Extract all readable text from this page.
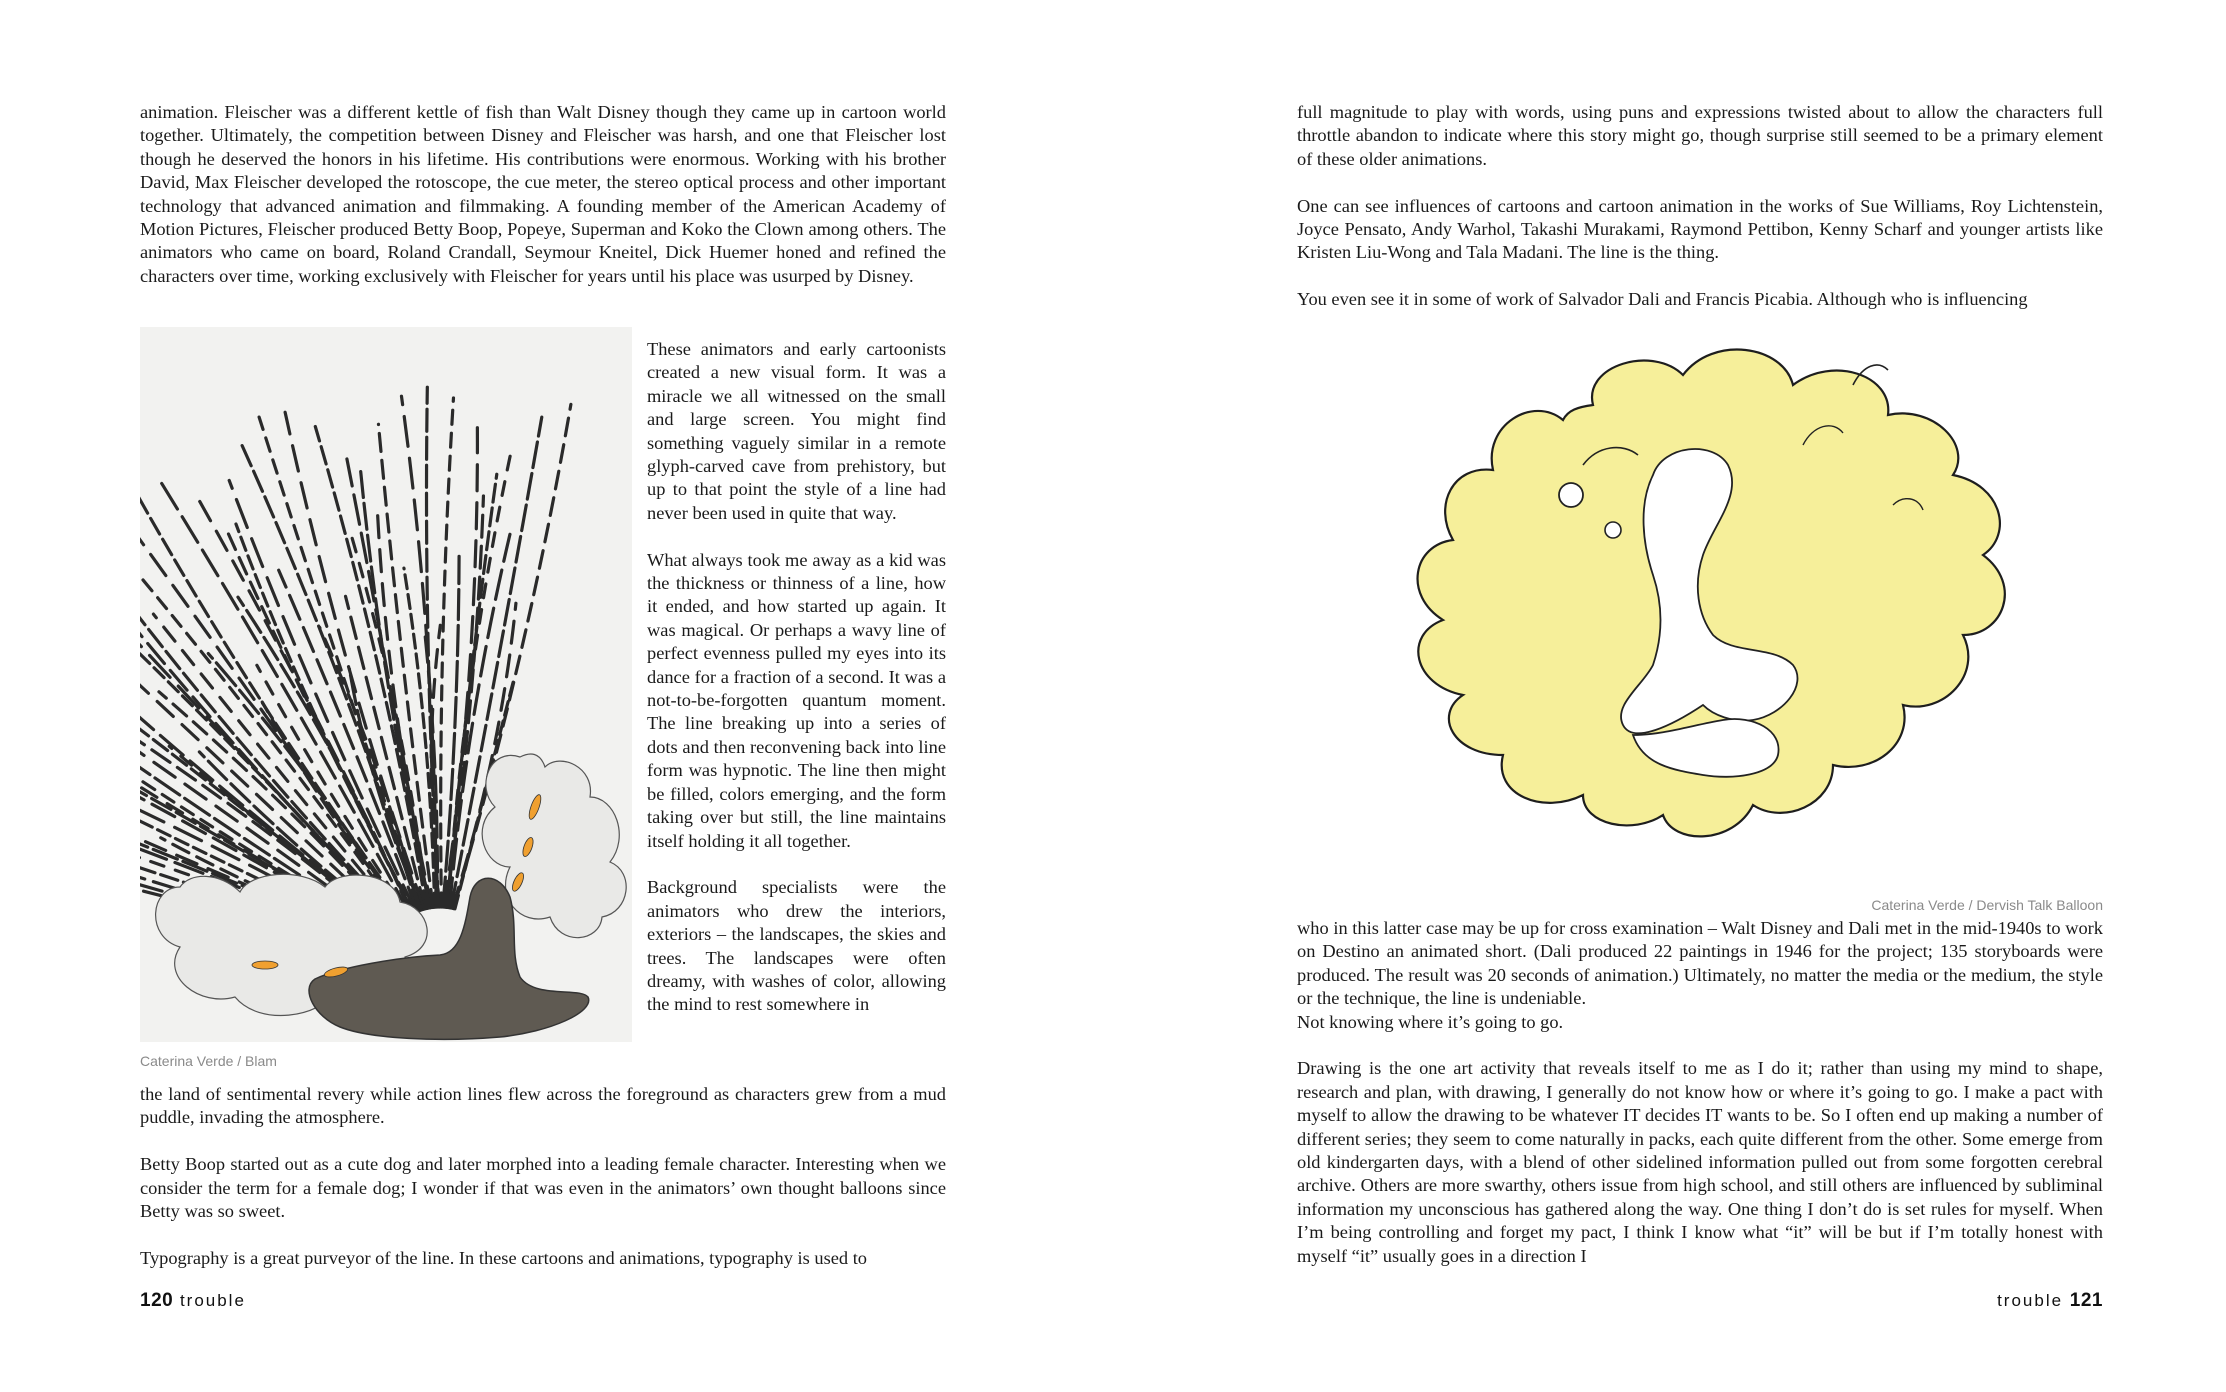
animation. Fleischer was a different kettle of fish than Walt Disney though they came up in cartoon world together. Ultimately, the competition between Disney and Fleischer was harsh, and one that Fleischer lost though he deserved the honors in his lifetime. His contributions were enormous. Working with his brother David, Max Fleischer developed the rotoscope, the cue meter, the stereo optical process and other important technology that advanced animation and filmmaking. A founding member of the American Academy of Motion Pictures, Fleischer produced Betty Boop, Popeye, Superman and Koko the Clown among others. The animators who came on board, Roland Crandall, Seymour Kneitel, Dick Huemer honed and refined the characters over time, working exclusively with Fleischer for years until his place was usurped by Disney.

Caterina Verde / Blam

These animators and early cartoonists created a new visual form. It was a miracle we all witnessed on the small and large screen. You might find something vaguely similar in a remote glyph-carved cave from prehistory, but up to that point the style of a line had never been used in quite that way.

What always took me away as a kid was the thickness or thinness of a line, how it ended, and how started up again. It was magical. Or perhaps a wavy line of perfect evenness pulled my eyes into its dance for a fraction of a second. It was a not-to-be-forgotten quantum moment. The line breaking up into a series of dots and then reconvening back into line form was hypnotic. The line then might be filled, colors emerging, and the form taking over but still, the line maintains itself holding it all together.

Background specialists were the animators who drew the interiors, exteriors – the landscapes, the skies and trees. The landscapes were often dreamy, with washes of color, allowing the mind to rest somewhere in

the land of sentimental revery while action lines flew across the foreground as characters grew from a mud puddle, invading the atmosphere.

Betty Boop started out as a cute dog and later morphed into a leading female character. Interesting when we consider the term for a female dog; I wonder if that was even in the animators’ own thought balloons since Betty was so sweet.

Typography is a great purveyor of the line. In these cartoons and animations, typography is used to

120 trouble

full magnitude to play with words, using puns and expressions twisted about to allow the characters full throttle abandon to indicate where this story might go, though surprise still seemed to be a primary element of these older animations.

One can see influences of cartoons and cartoon animation in the works of Sue Williams, Roy Lichtenstein, Joyce Pensato, Andy Warhol, Takashi Murakami, Raymond Pettibon, Kenny Scharf and younger artists like Kristen Liu-Wong and Tala Madani. The line is the thing.

You even see it in some of work of Salvador Dali and Francis Picabia. Although who is influencing

Caterina Verde / Dervish Talk Balloon

who in this latter case may be up for cross examination – Walt Disney and Dali met in the mid-1940s to work on Destino an animated short. (Dali produced 22 paintings in 1946 for the project; 135 storyboards were produced. The result was 20 seconds of animation.) Ultimately, no matter the media or the medium, the style or the technique, the line is undeniable.

Not knowing where it’s going to go.

Drawing is the one art activity that reveals itself to me as I do it; rather than using my mind to shape, research and plan, with drawing, I generally do not know how or where it’s going to go. I make a pact with myself to allow the drawing to be whatever IT decides IT wants to be. So I often end up making a number of different series; they seem to come naturally in packs, each quite different from the other. Some emerge from old kindergarten days, with a blend of other sidelined information pulled out from some forgotten cerebral archive. Others are more swarthy, others issue from high school, and still others are influenced by subliminal information my unconscious has gathered along the way. One thing I don’t do is set rules for myself. When I’m being controlling and forget my pact, I think I know what “it” will be but if I’m totally honest with myself “it” usually goes in a direction I

trouble 121
